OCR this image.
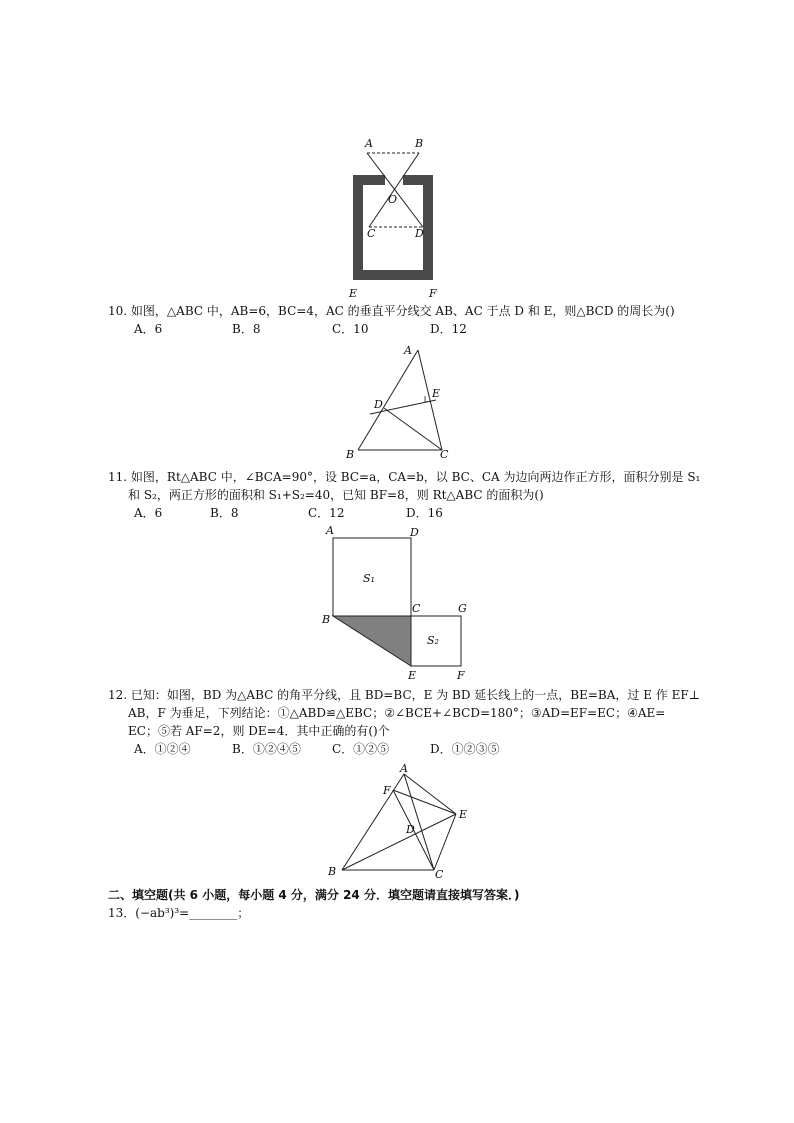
A	B
O
C	D
E	F
10. 如图，△ABC 中，AB=6，BC=4，AC 的垂直平分线交 AB、AC 于点 D 和 E，则△BCD 的周长为()
A．6	B．8	C．10	D．12
A
E
D
B	C
11. 如图，Rt△ABC 中，∠BCA=90°，设 BC=a，CA=b，以 BC、CA 为边向两边作正方形，面积分别是 S₁
和 S₂，两正方形的面积和 S₁+S₂=40，已知 BF=8，则 Rt△ABC 的面积为()
A．6	B．8	C．12	D．16
A	D
S₁
B
C	G
S₂
E	F
12. 已知：如图，BD 为△ABC 的角平分线，且 BD=BC，E 为 BD 延长线上的一点，BE=BA，过 E 作 EF⊥
AB，F 为垂足，下列结论：①△ABD≌△EBC；②∠BCE+∠BCD=180°；③AD=EF=EC；④AE=
EC；⑤若 AF=2，则 DE=4．其中正确的有()个
A．①②④	B．①②④⑤	C．①②⑤	D．①②③⑤
A
F
E
D
B	C
二、填空题(共 6 小题，每小题 4 分，满分 24 分．填空题请直接填写答案．)
13．(−ab³)³=________；
